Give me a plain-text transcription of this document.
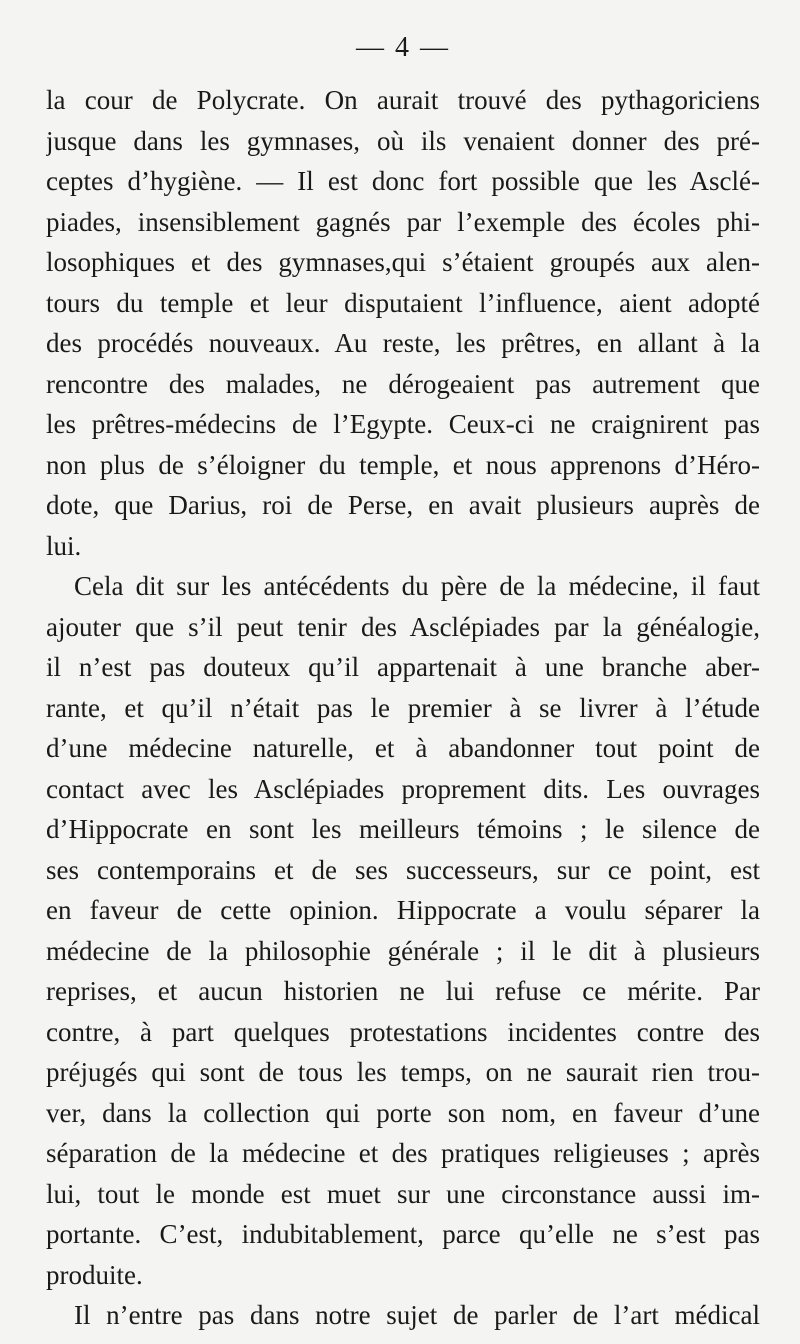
— 4 —
la cour de Polycrate. On aurait trouvé des pythagoriciens
jusque dans les gymnases, où ils venaient donner des pré-
ceptes d’hygiène. — Il est donc fort possible que les Asclé-
piades, insensiblement gagnés par l’exemple des écoles phi-
losophiques et des gymnases,qui s’étaient groupés aux alen-
tours du temple et leur disputaient l’influence, aient adopté
des procédés nouveaux. Au reste, les prêtres, en allant à la
rencontre des malades, ne dérogeaient pas autrement que
les prêtres-médecins de l’Egypte. Ceux-ci ne craignirent pas
non plus de s’éloigner du temple, et nous apprenons d’Héro-
dote, que Darius, roi de Perse, en avait plusieurs auprès de
lui.
Cela dit sur les antécédents du père de la médecine, il faut
ajouter que s’il peut tenir des Asclépiades par la généalogie,
il n’est pas douteux qu’il appartenait à une branche aber-
rante, et qu’il n’était pas le premier à se livrer à l’étude
d’une médecine naturelle, et à abandonner tout point de
contact avec les Asclépiades proprement dits. Les ouvrages
d’Hippocrate en sont les meilleurs témoins ; le silence de
ses contemporains et de ses successeurs, sur ce point, est
en faveur de cette opinion. Hippocrate a voulu séparer la
médecine de la philosophie générale ; il le dit à plusieurs
reprises, et aucun historien ne lui refuse ce mérite. Par
contre, à part quelques protestations incidentes contre des
préjugés qui sont de tous les temps, on ne saurait rien trou-
ver, dans la collection qui porte son nom, en faveur d’une
séparation de la médecine et des pratiques religieuses ; après
lui, tout le monde est muet sur une circonstance aussi im-
portante. C’est, indubitablement, parce qu’elle ne s’est pas
produite.
Il n’entre pas dans notre sujet de parler de l’art médical
